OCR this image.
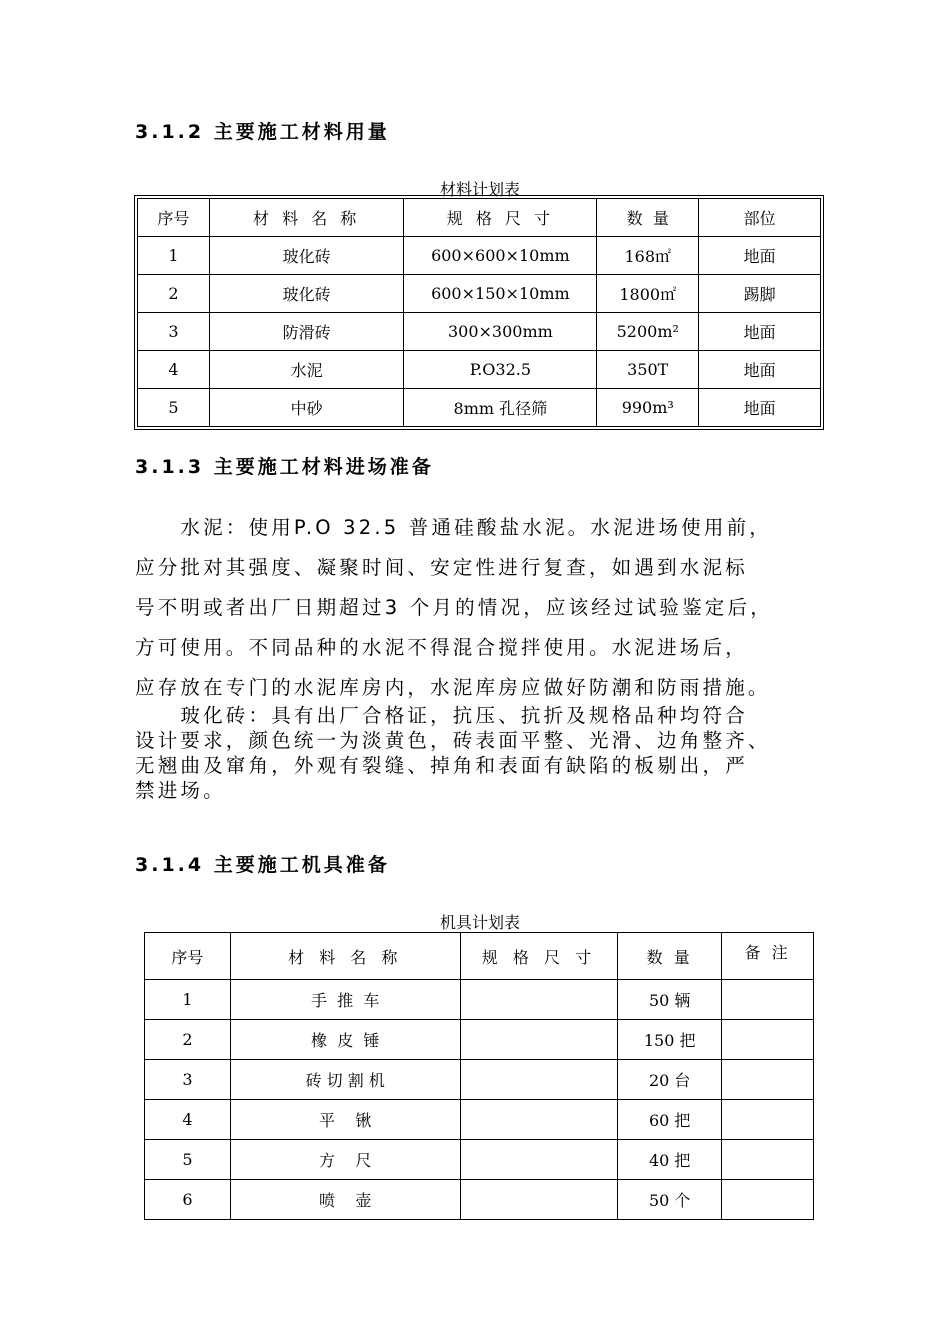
3.1.2 主要施工材料用量
材料计划表
序号	材 料 名 称	规 格 尺 寸	数  量	部位
1	玻化砖	600×600×10mm	168㎡	地面
2	玻化砖	600×150×10mm	1800㎡	踢脚
3	防滑砖	300×300mm	5200m²	地面
4	水泥	P.O32.5	350T	地面
5	中砂	8mm 孔径筛	990m³	地面
3.1.3 主要施工材料进场准备
　　水泥：使用P.O 32.5 普通硅酸盐水泥。水泥进场使用前，
应分批对其强度、凝聚时间、安定性进行复查，如遇到水泥标
号不明或者出厂日期超过3 个月的情况，应该经过试验鉴定后，
方可使用。不同品种的水泥不得混合搅拌使用。水泥进场后，
应存放在专门的水泥库房内，水泥库房应做好防潮和防雨措施。
　　玻化砖：具有出厂合格证，抗压、抗折及规格品种均符合
设计要求，颜色统一为淡黄色，砖表面平整、光滑、边角整齐、
无翘曲及窜角，外观有裂缝、掉角和表面有缺陷的板剔出，严
禁进场。
3.1.4 主要施工机具准备
机具计划表
序号	材 料 名 称	规 格 尺 寸	数 量	备 注
1	手  推  车		50 辆	
2	橡  皮  锤		150 把	
3	砖 切 割 机		20 台	
4	平    锹		60 把	
5	方    尺		40 把	
6	喷    壶		50 个	
